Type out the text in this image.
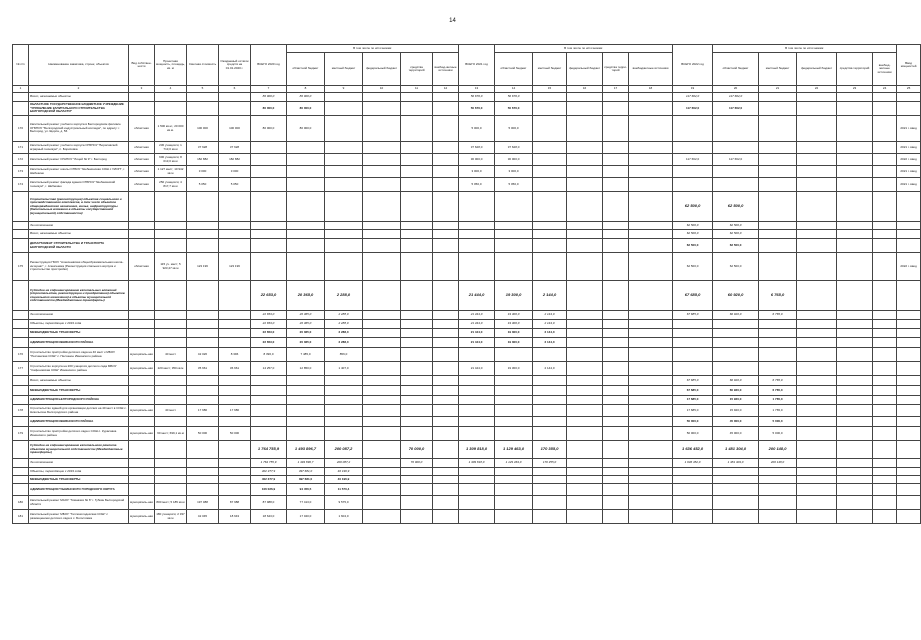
14
№ п/п	Наименование заказчика, строек, объектов	Вид собствен-ности	Проектная мощность, площадь, кв. м	Сметная стоимость	Ожидаемый остаток средств на 01.01.2020 г.	ВСЕГО 2020 год	В том числе по источникам:					ВСЕГО 2021 год	В том числе по источникам:					ВСЕГО 2022 год	В том числе по источникам:					Ввод мощностей	
							областной бюджет	местный бюджет	федеральный бюджет	средства территорий	внебюд-жетные источники		областной бюджет	местный бюджет	федеральный бюджет	средства терри-торий	внебюджетные источники		областной бюджет	местный бюджет	федеральный бюджет	средства территорий	внебюд-жетные источники		
1	2	3	4	5	6	7	8	9	10	11	12	13	14	15	16	17	18	19	20	21	22	23	24	25	
	Всего, начинаемые объекты					80 000,0	80 000,0					50 676,0	50 676,0					117 662,0	117 662,0						
	ОБЛАСТНОЕ ГОСУДАРСТВЕННОЕ БЮДЖЕТНОЕ УЧРЕЖДЕНИЕ "УПРАВЛЕНИЕ КАПИТАЛЬНОГО СТРОИТЕЛЬСТВА БЕЛГОРОДСКОЙ ОБЛАСТИ"					80 000,0	80 000,0					50 676,0	50 676,0					117 662,0	117 662,0						
170	Капитальный ремонт учебного корпуса в Белгородском филиале ОГБПОУ "Белгородский индустриальный колледж", по адресу: г. Белгород, ул. Щорса, д. 56	областная	1 500 кв.м.; 20 000 кв.м.	100 000	100 000	80 000,0	80 000,0					5 000,0	5 000,0											2021 г. ввод	
171	Капитальный ремонт учебного корпуса ОГБПОУ "Борисовский аграрный техникум", п. Борисовка	областная	230 учащихся; 1 713,0 кв.м	37 628	37 628							37 628,0	37 628,0											2021 г. ввод	
172	Капитальный ремонт ОГАПОУ "Лицей № 9" г. Белгород	областная	600 учащихся; 8 013,0 кв.м	182 882	182 882							30 000,0	30 000,0					117 662,0	117 662,0					2022 г. ввод	
173	Капитальный ремонт школы ОГБОУ "Шебекинская СОШ с УИОП", г. Шебекино	областная	1 127 мест; 10 942 кв.м	3 000	3 000							3 000,0	3 000,0											2021 г. ввод	
174	Капитальный ремонт фасада здания ОГБПОУ "Шебекинский техникум", г. Шебекино	областная	250 учащихся; 4 817,7 кв.м	5 050	5 050							5 050,0	5 050,0											2021 г. ввод	
	Строительство (реконструкция) объектов социального и производственного комплексов, в том числе объектов общегражданского назначения, жилья, инфраструктуры (Капитальные вложения в объекты государственной (муниципальной) собственности)																	62 500,0	62 500,0						
	За исключением																	62 500,0	62 500,0						
	Всего, начинаемые объекты																	62 500,0	62 500,0						
	ДЕПАРТАМЕНТ СТРОИТЕЛЬСТВА И ТРАНСПОРТА БЕЛГОРОДСКОЙ ОБЛАСТИ																	62 500,0	62 500,0						
175	Реконструкция ГБОУ "Алексеевская общеобразовательная школа-интернат", г. Алексеевка (Реконструкция спального корпуса и строительство пристройки)	областная	115 уч. мест; 5 923,47 кв.м	123 196	123 196													62 500,0	62 500,0					2022 г. ввод	
	Субсидии на софинансирование капитальных вложений (строительства, реконструкции и приобретения) объектов социального назначения) в объекты муниципальной собственности (Межбюджетные трансферты)					22 653,0	20 365,0	2 288,0				21 444,0	19 300,0	2 144,0				67 685,0	60 920,0	6 765,0					
	За исключением					22 653,0	20 365,0	2 288,0				21 444,0	19 300,0	2 144,0				67 685,0	60 920,0	6 765,0					
	Объекты, переходящие с 2019 года					22 653,0	20 365,0	2 288,0				21 444,0	19 300,0	2 144,0											
	МЕЖБЮДЖЕТНЫЕ ТРАНСФЕРТЫ					22 653,0	20 365,0	2 288,0				21 444,0	19 300,0	2 144,0											
	АДМИНИСТРАЦИЯ ИВНЯНСКОГО РАЙОНА					22 653,0	20 365,0	2 288,0				21 444,0	19 300,0	2 144,0											
176	Строительство пристройки детского сада на 40 мест к МБОУ "Песчанская СОШ" с. Песчаное Ивнянского района	муниципаль-ная	40 мест	42 026	8 396	8 396,0	7 485,0	856,0																	
177	Строительство корпуса на 200 учащихся детского сада МБОУ "Сафоновская СОШ" Ивнянского района	муниципаль-ная	220 мест; 350 кв.м	35 661	36 661	14 257,0	12 850,0	1 407,0				21 444,0	19 300,0	2 144,0											
	Всего, начинаемые объекты																	67 685,0	60 920,0	6 765,0					
	МЕЖБЮДЖЕТНЫЕ ТРАНСФЕРТЫ																	67 685,0	60 920,0	6 765,0					
	АДМИНИСТРАЦИЯ БЕЛГОРОДСКОГО РАЙОНА																	17 685,0	15 920,0	1 765,0					
178	Строительство зданий для организации детских на 40 мест в СОШ с. Никольское Белгородского района	муниципаль-ная	40 мест	17 686	17 686													17 685,0	15 920,0	1 765,0					
	АДМИНИСТРАЦИЯ ИВНЯНСКОГО РАЙОНА																	50 000,0	45 000,0	5 000,0					
179	Строительство пристройки детского сада к СОШ с. Курасовка Ивнянского района	муниципаль-ная	60 мест; 699,1 кв.м	50 000	50 000													50 000,0	45 000,0	5 000,0					
	Субсидии на софинансирование капитального ремонта объектов муниципальной собственности (Межбюджетные трансферты)					1 764 755,9	1 493 896,7	200 087,2		70 000,0		1 309 818,0	1 129 463,0	170 355,0				1 636 452,0	1 481 304,0	200 148,0					
	За исключением					1 764 755,9	1 493 896,7	200 087,2		70 000,0		1 309 818,0	1 129 463,0	170 355,0				1 636 452,0	1 481 304,0	200 148,0					
	Объекты, переходящие с 2019 года					402 377,9	397 681,0	40 196,9																	
	МЕЖБЮДЖЕТНЫЕ ТРАНСФЕРТЫ					402 377,9	397 681,0	40 196,9																	
	АДМИНИСТРАЦИЯ ГУБКИНСКОГО ГОРОДСКОГО ОКРУГА					106 026,9	94 456,5	11 570,4																	
180	Капитальный ремонт МАОУ "Гимназия № 6" г. Губкин Белгородской области	муниципаль-ная	800 мест; 5 185 кв.м	197 088	87 988	87 988,0	77 413,0	9 575,0																	
181	Капитальный ремонт МБОУ "Теплоколодезская СОШ" с размещением детского сада в с. Богословка	муниципаль-ная	180 учащихся; 2 337 кв.м	42 045	18 643	18 643,0	17 040,0	1 604,0																	
